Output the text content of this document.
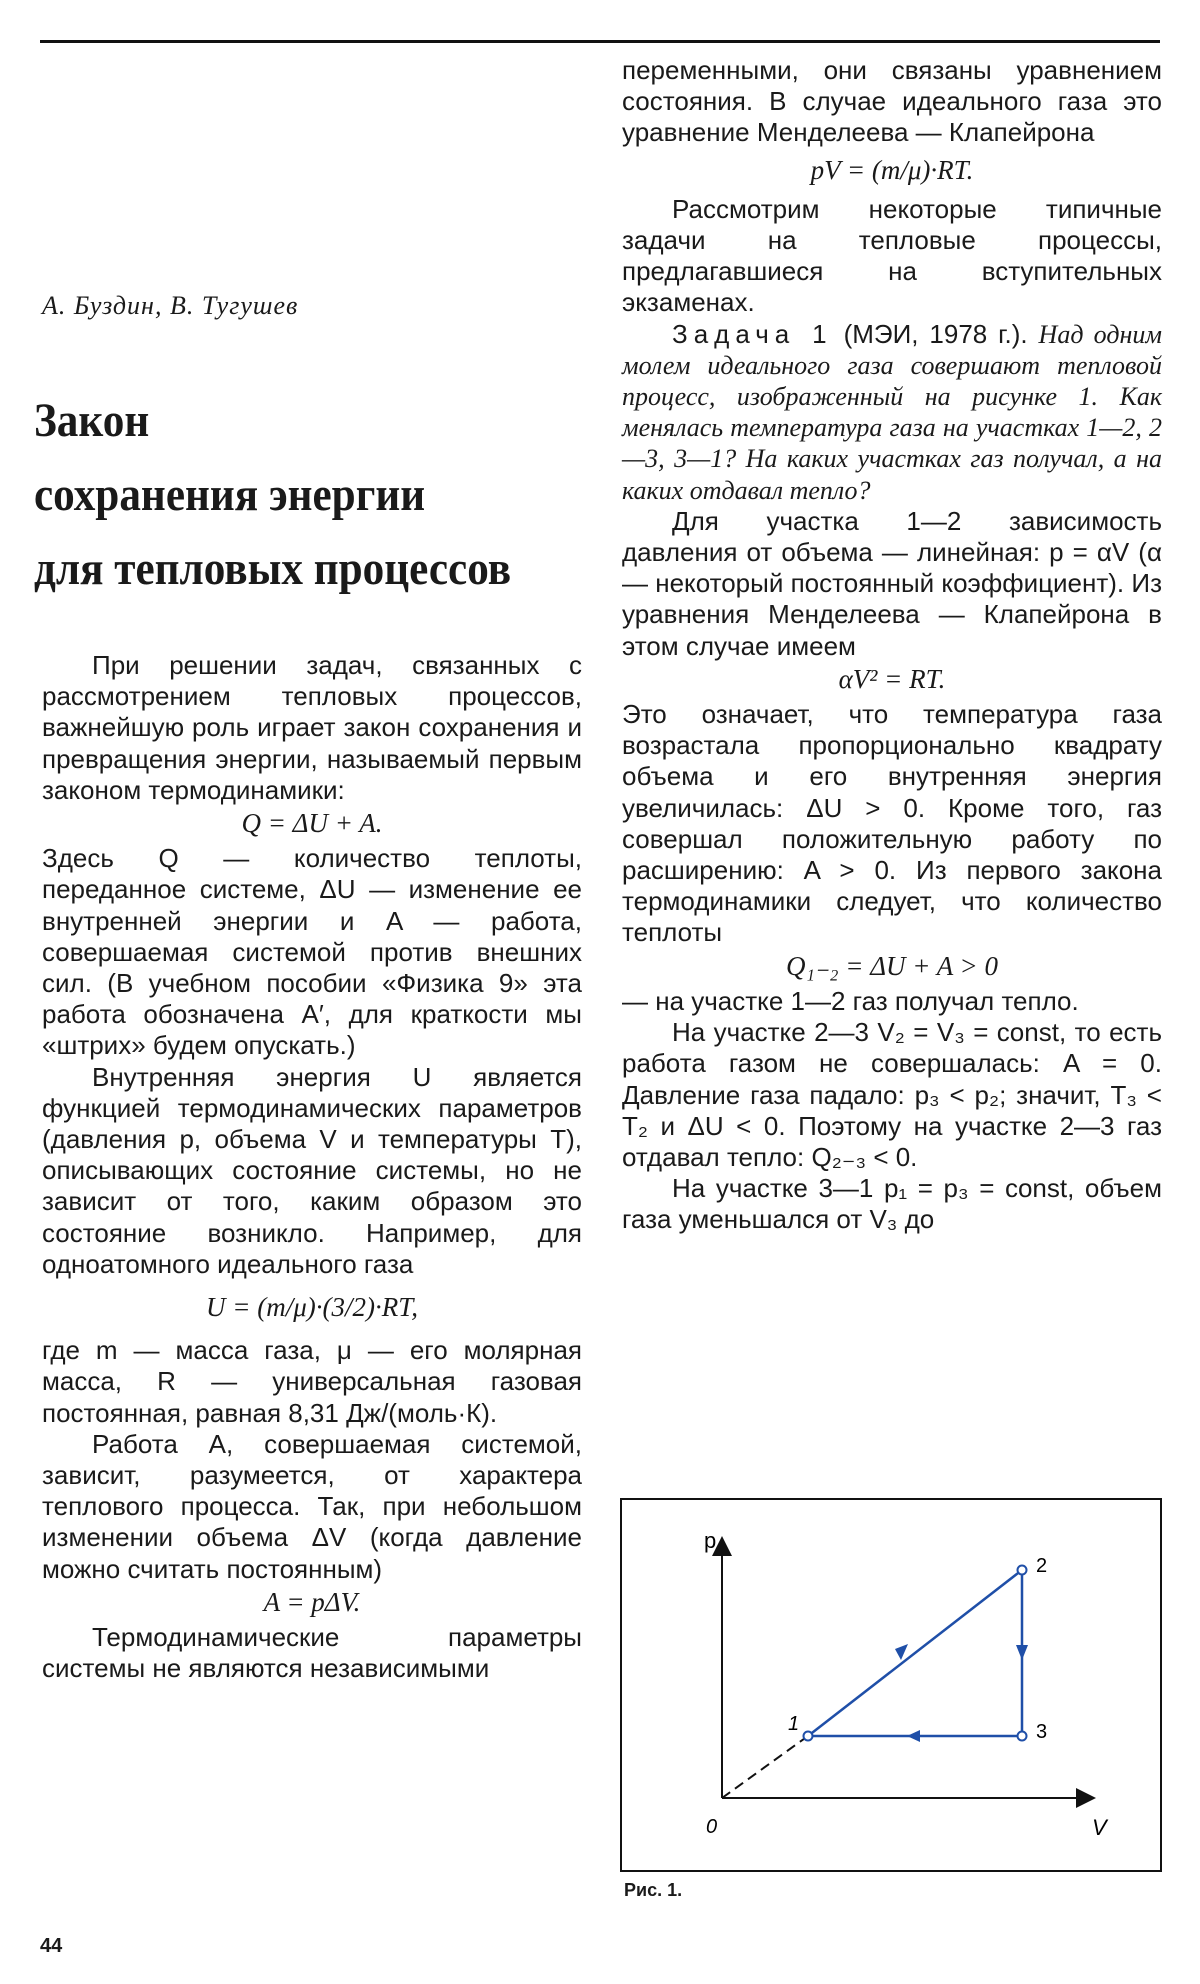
А. Буздин, В. Тугушев
Закон
сохранения энергии
для тепловых процессов

При решении задач, связанных с рассмотрением тепловых процессов, важнейшую роль играет закон сохранения и превращения энергии, называемый первым законом термодинамики:

Q = ΔU + A.

Здесь Q — количество теплоты, переданное системе, ΔU — изменение ее внутренней энергии и A — работа, совершаемая системой против внешних сил. (В учебном пособии «Физика 9» эта работа обозначена A′, для краткости мы «штрих» будем опускать.)

Внутренняя энергия U является функцией термодинамических параметров (давления p, объема V и температуры T), описывающих состояние системы, но не зависит от того, каким образом это состояние возникло. Например, для одноатомного идеального газа

U = (m/μ)·(3/2)·RT,

где m — масса газа, μ — его молярная масса, R — универсальная газовая постоянная, равная 8,31 Дж/(моль·К).

Работа A, совершаемая системой, зависит, разумеется, от характера теплового процесса. Так, при небольшом изменении объема ΔV (когда давление можно считать постоянным)

A = pΔV.

Термодинамические параметры системы не являются независимыми

переменными, они связаны уравнением состояния. В случае идеального газа это уравнение Менделеева — Клапейрона

pV = (m/μ)·RT.

Рассмотрим некоторые типичные задачи на тепловые процессы, предлагавшиеся на вступительных экзаменах.

Задача 1 (МЭИ, 1978 г.). Над одним молем идеального газа совершают тепловой процесс, изображенный на рисунке 1. Как менялась температура газа на участках 1—2, 2—3, 3—1? На каких участках газ получал, а на каких отдавал тепло?

Для участка 1—2 зависимость давления от объема — линейная: p = αV (α — некоторый постоянный коэффициент). Из уравнения Менделеева — Клапейрона в этом случае имеем

αV² = RT.

Это означает, что температура газа возрастала пропорционально квадрату объема и его внутренняя энергия увеличилась: ΔU > 0. Кроме того, газ совершал положительную работу по расширению: A > 0. Из первого закона термодинамики следует, что количество теплоты

Q₁₋₂ = ΔU + A > 0

— на участке 1—2 газ получал тепло.

На участке 2—3 V₂ = V₃ = const, то есть работа газом не совершалась: A = 0. Давление газа падало: p₃ < p₂; значит, T₃ < T₂ и ΔU < 0. Поэтому на участке 2—3 газ отдавал тепло: Q₂₋₃ < 0.

На участке 3—1 p₁ = p₃ = const, объем газа уменьшался от V₃ до

p
V
0
1
2
3
Рис. 1.
44
